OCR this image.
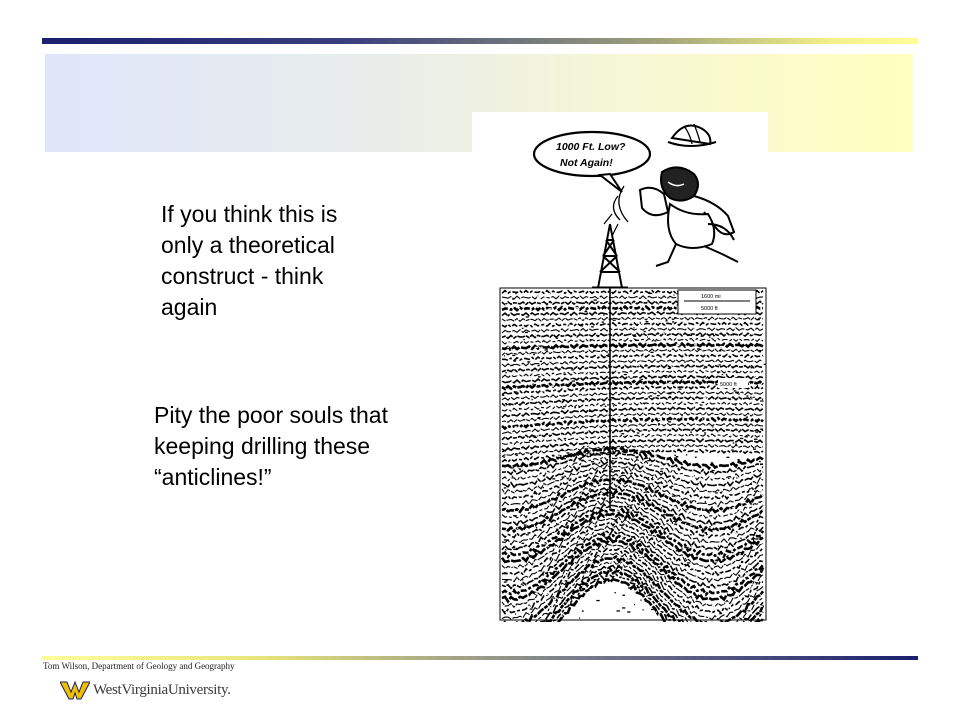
If you think this is only a theoretical construct - think again

Pity the poor souls that keeping drilling these “anticlines!”

1000 Ft. Low?
Not Again!
1600 mi
5000 ft
5000 ft
Tom Wilson, Department of Geology and Geography
WestVirginiaUniversity.
